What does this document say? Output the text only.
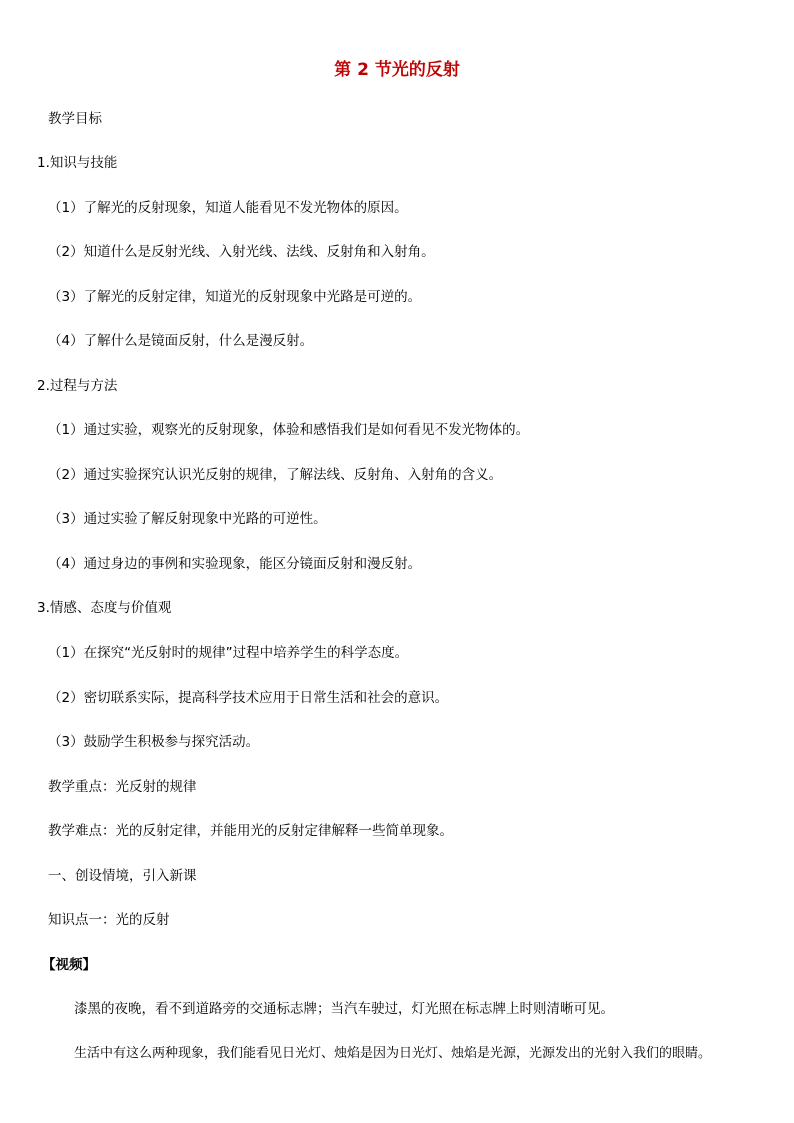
第 2 节光的反射
教学目标
1.知识与技能
（1）了解光的反射现象，知道人能看见不发光物体的原因。
（2）知道什么是反射光线、入射光线、法线、反射角和入射角。
（3）了解光的反射定律，知道光的反射现象中光路是可逆的。
（4）了解什么是镜面反射，什么是漫反射。
2.过程与方法
（1）通过实验，观察光的反射现象，体验和感悟我们是如何看见不发光物体的。
（2）通过实验探究认识光反射的规律，了解法线、反射角、入射角的含义。
（3）通过实验了解反射现象中光路的可逆性。
（4）通过身边的事例和实验现象，能区分镜面反射和漫反射。
3.情感、态度与价值观
（1）在探究“光反射时的规律”过程中培养学生的科学态度。
（2）密切联系实际，提高科学技术应用于日常生活和社会的意识。
（3）鼓励学生积极参与探究活动。
教学重点：光反射的规律
教学难点：光的反射定律，并能用光的反射定律解释一些简单现象。
一、创设情境，引入新课
知识点一：光的反射
【视频】
漆黑的夜晚，看不到道路旁的交通标志牌；当汽车驶过，灯光照在标志牌上时则清晰可见。
生活中有这么两种现象，我们能看见日光灯、烛焰是因为日光灯、烛焰是光源，光源发出的光射入我们的眼睛。
